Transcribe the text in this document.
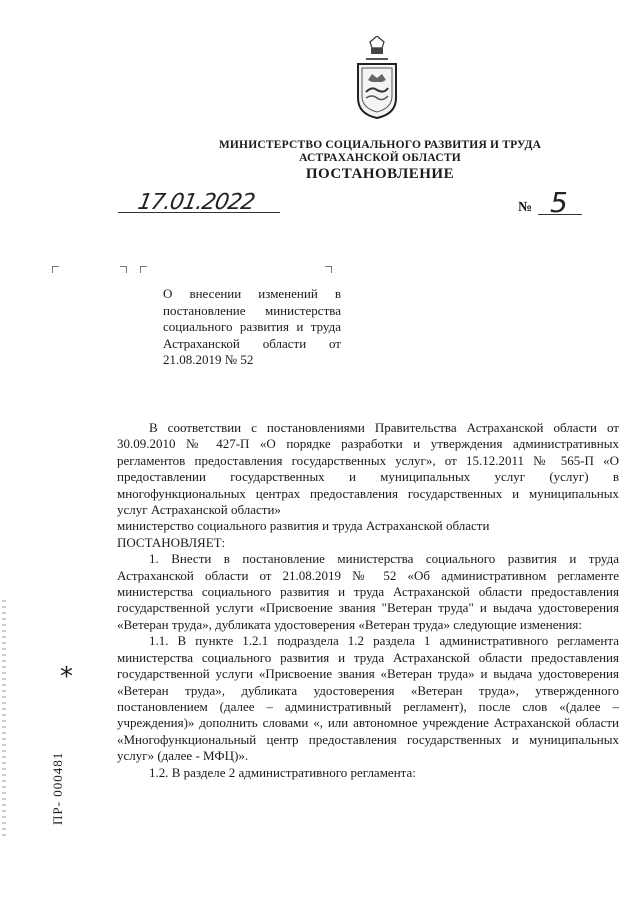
МИНИСТЕРСТВО СОЦИАЛЬНОГО РАЗВИТИЯ И ТРУДА
АСТРАХАНСКОЙ ОБЛАСТИ
ПОСТАНОВЛЕНИЕ
17.01.2022	№ 5
О внесении изменений в постановление министерства социального развития и труда Астраханской области от 21.08.2019 № 52

В соответствии с постановлениями Правительства Астраханской области от 30.09.2010 № 427-П «О порядке разработки и утверждения административных регламентов предоставления государственных услуг», от 15.12.2011 № 565-П «О предоставлении государственных и муниципальных услуг (услуг) в многофункциональных центрах предоставления государственных и муниципальных услуг Астраханской области»

министерство социального развития и труда Астраханской области

ПОСТАНОВЛЯЕТ:

1. Внести в постановление министерства социального развития и труда Астраханской области от 21.08.2019 № 52 «Об административном регламенте министерства социального развития и труда Астраханской области предоставления государственной услуги «Присвоение звания "Ветеран труда" и выдача удостоверения «Ветеран труда», дубликата удостоверения «Ветеран труда» следующие изменения:

1.1. В пункте 1.2.1 подраздела 1.2 раздела 1 административного регламента министерства социального развития и труда Астраханской области предоставления государственной услуги «Присвоение звания «Ветеран труда» и выдача удостоверения «Ветеран труда», дубликата удостоверения «Ветеран труда», утвержденного постановлением (далее – административный регламент), после слов «(далее – учреждения)» дополнить словами «, или автономное учреждение Астраханской области «Многофункциональный центр предоставления государственных и муниципальных услуг» (далее - МФЦ)».

1.2. В разделе 2 административного регламента:

*
ПР- 000481
